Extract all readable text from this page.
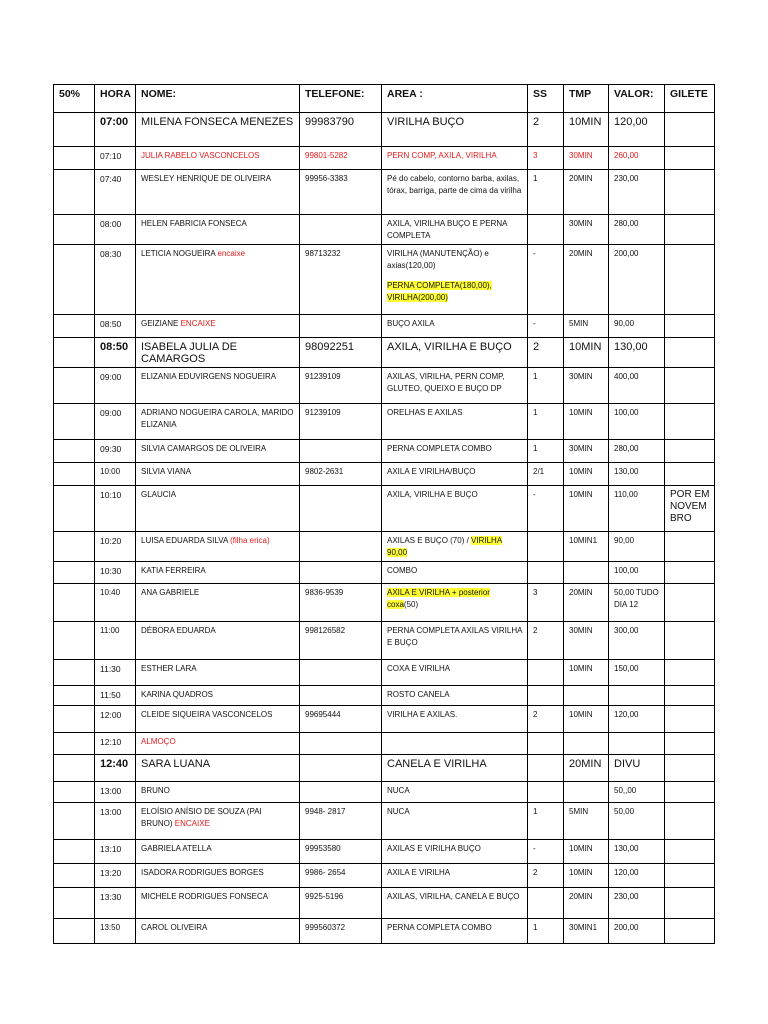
50%	HORA	NOME:	TELEFONE:	AREA :	SS	TMP	VALOR:	GILETE
	07:00	MILENA FONSECA MENEZES	99983790	VIRILHA BUÇO	2	10MIN	120,00	
	07:10	JULIA RABELO VASCONCELOS	99801-5282	PERN COMP, AXILA, VIRILHA	3	30MIN	260,00	
	07:40	WESLEY HENRIQUE DE OLIVEIRA	99956-3383	Pé do cabelo, contorno barba, axilas, tórax, barriga, parte de cima da virilha	1	20MIN	230,00	
	08:00	HELEN FABRICIA FONSECA		AXILA, VIRILHA BUÇO E PERNA COMPLETA		30MIN	280,00	
	08:30	LETICIA NOGUEIRA encaixe	98713232	VIRILHA (MANUTENÇÃO) e axias(120,00)
PERNA COMPLETA(180,00), VIRILHA(200,00)	-	20MIN	200,00	
	08:50	GEIZIANE ENCAIXE		BUÇO AXILA	-	5MIN	90,00	
	08:50	ISABELA JULIA DE CAMARGOS	98092251	AXILA, VIRILHA E BUÇO	2	10MIN	130,00	
	09:00	ELIZANIA EDUVIRGENS NOGUEIRA	91239109	AXILAS, VIRILHA, PERN COMP, GLUTEO, QUEIXO E BUÇO DP	1	30MIN	400,00	
	09:00	ADRIANO NOGUEIRA CAROLA, MARIDO ELIZANIA	91239109	ORELHAS E AXILAS	1	10MIN	100,00	
	09:30	SILVIA CAMARGOS DE OLIVEIRA		PERNA COMPLETA COMBO	1	30MIN	280,00	
	10:00	SILVIA VIANA	9802-2631	AXILA E VIRILHA/BUÇO	2/1	10MIN	130,00	
	10:10	GLAUCIA		AXILA, VIRILHA E BUÇO	-	10MIN	110,00	POR EM NOVEM BRO
	10:20	LUISA EDUARDA SILVA (filha erica)		AXILAS E BUÇO (70) / VIRILHA 90,00		10MIN1	90,00	
	10:30	KATIA FERREIRA		COMBO			100,00	
	10:40	ANA GABRIELE	9836-9539	AXILA E VIRILHA + posterior coxa(50)	3	20MIN	50,00 TUDO DIA 12	
	11:00	DÉBORA EDUARDA	998126582	PERNA COMPLETA AXILAS VIRILHA E BUÇO	2	30MIN	300,00	
	11:30	ESTHER LARA		COXA E VIRILHA		10MIN	150,00	
	11:50	KARINA QUADROS		ROSTO CANELA				
	12:00	CLEIDE SIQUEIRA VASCONCELOS	99695444	VIRILHA E AXILAS.	2	10MIN	120,00	
	12:10	ALMOÇO						
	12:40	SARA LUANA		CANELA E VIRILHA		20MIN	DIVU	
	13:00	BRUNO		NUCA			50,,00	
	13:00	ELOÍSIO ANÍSIO DE SOUZA (PAI BRUNO) ENCAIXE	9948- 2817	NUCA	1	5MIN	50,00	
	13:10	GABRIELA ATELLA	99953580	AXILAS E VIRILHA BUÇO	-	10MIN	130,00	
	13:20	ISADORA RODRIGUES BORGES	9986- 2654	AXILA E VIRILHA	2	10MIN	120,00	
	13:30	MICHELE RODRIGUES FONSECA	9925-5196	AXILAS, VIRILHA, CANELA E BUÇO		20MIN	230,00	
	13:50	CAROL OLIVEIRA	999560372	PERNA COMPLETA COMBO	1	30MIN1	200,00	
